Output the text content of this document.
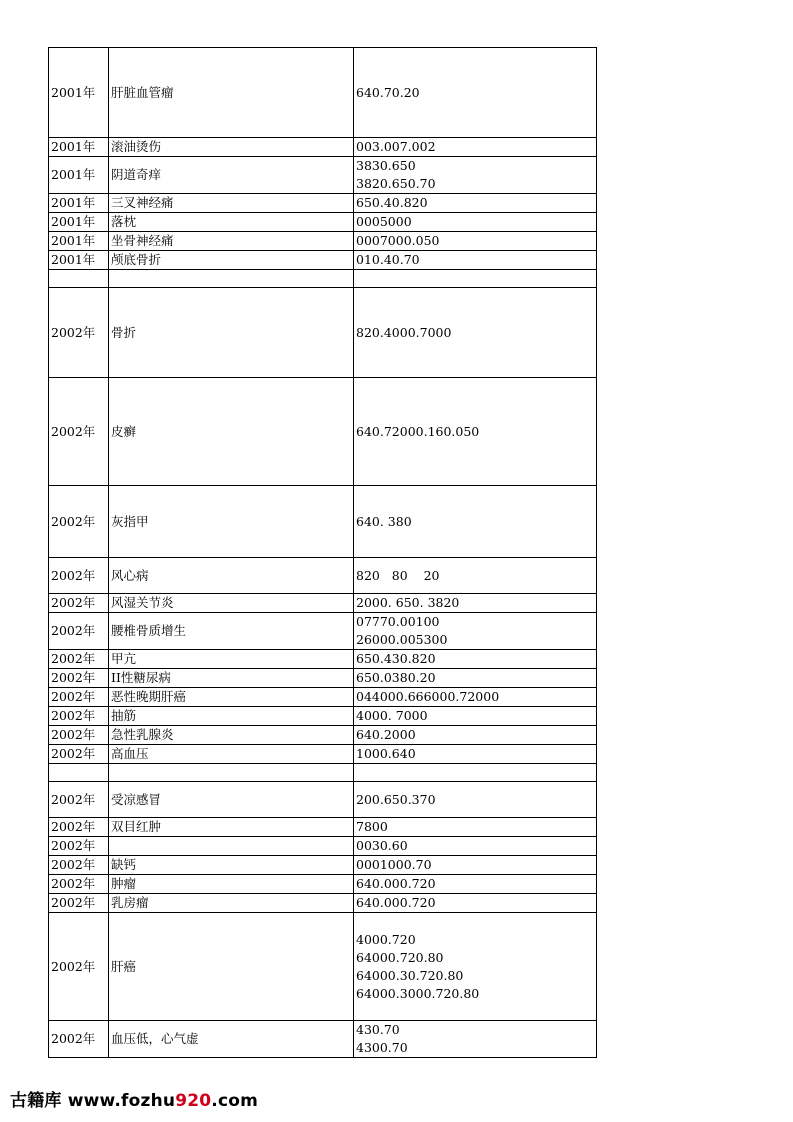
2001年	肝脏血管瘤	640.70.20

2001年	滚油烫伤	003.007.002

2001年	阴道奇痒	3830.650
3820.650.70

2001年	三叉神经痛	650.40.820

2001年	落枕	0005000

2001年	坐骨神经痛	0007000.050

2001年	颅底骨折	010.40.70

2002年	骨折	820.4000.7000

2002年	皮癣	640.72000.160.050

2002年	灰指甲	640. 380

2002年	风心病	820   80    20

2002年	风湿关节炎	2000. 650. 3820

2002年	腰椎骨质增生	07770.00100
26000.005300

2002年	甲亢	650.430.820

2002年	II性糖尿病	650.0380.20

2002年	恶性晚期肝癌	044000.666000.72000

2002年	抽筋	4000. 7000

2002年	急性乳腺炎	640.2000

2002年	高血压	1000.640

2002年	受凉感冒	200.650.370

2002年	双目红肿	7800

2002年		0030.60

2002年	缺钙	0001000.70

2002年	肿瘤	640.000.720

2002年	乳房瘤	640.000.720

2002年	肝癌	4000.720
64000.720.80
64000.30.720.80
64000.3000.720.80

2002年	血压低，心气虚	430.70
4300.70
古籍库 www.fozhu920.com
